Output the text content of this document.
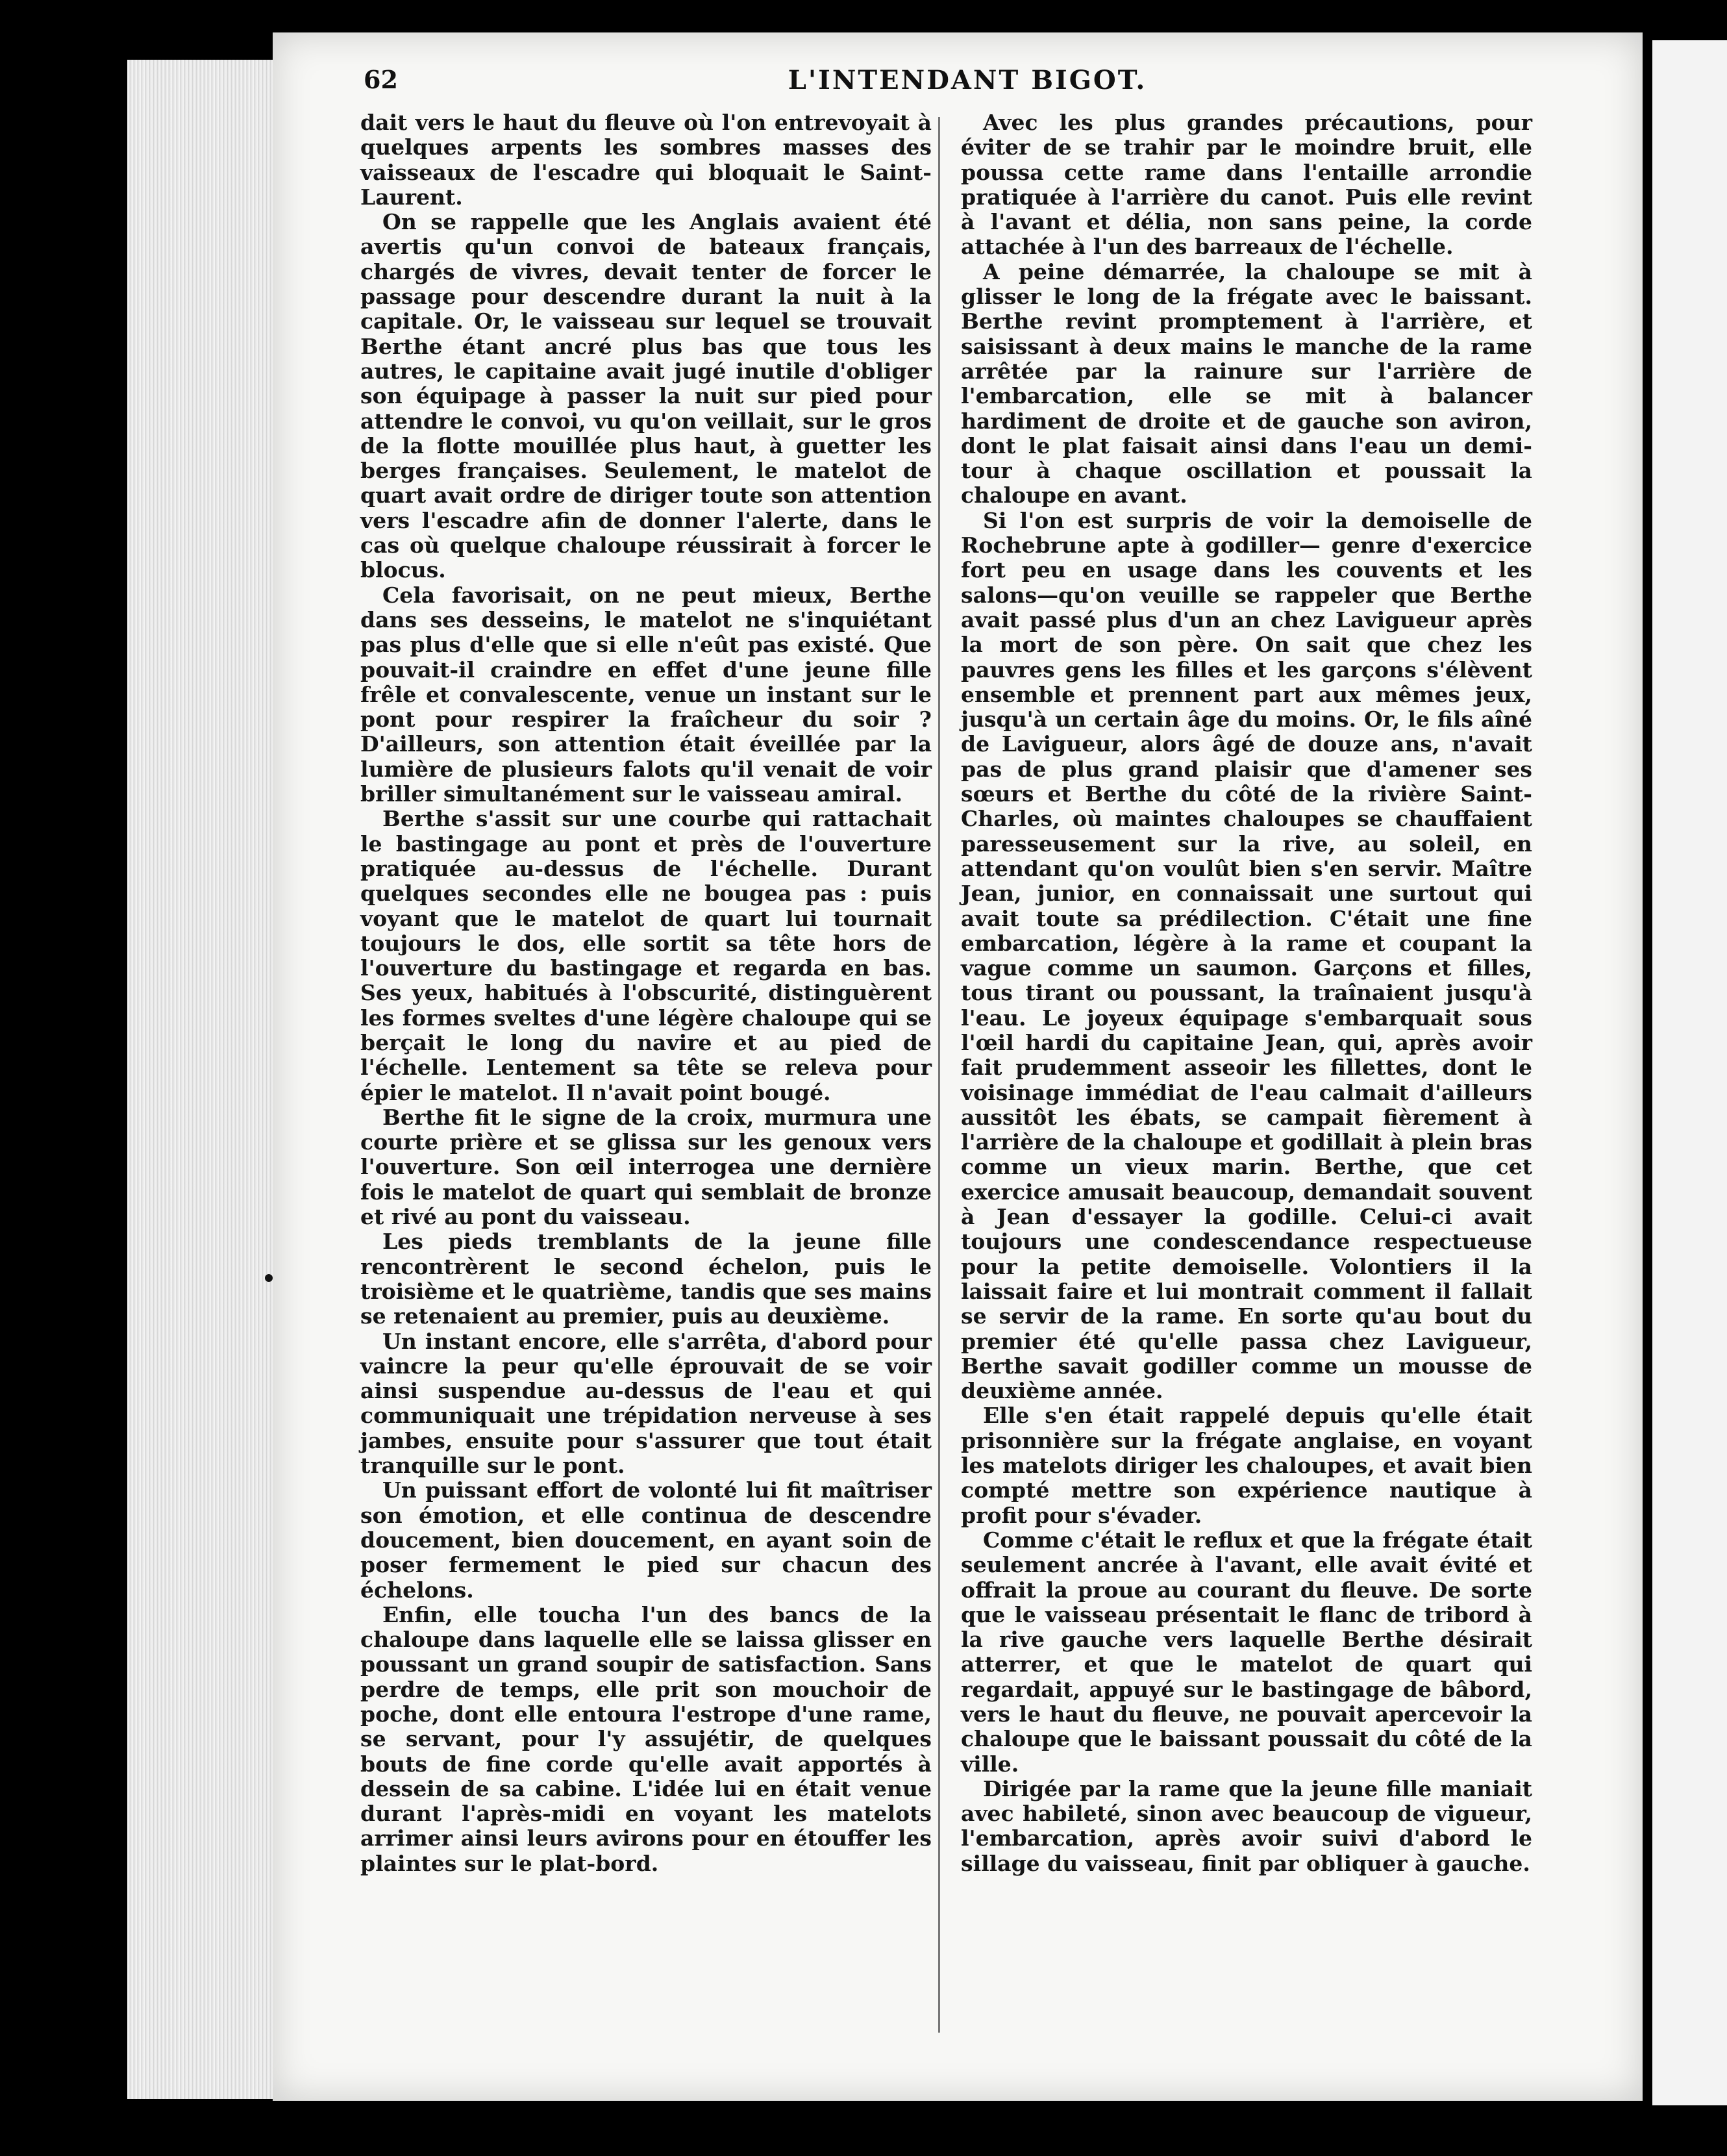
62	L'INTENDANT BIGOT.

dait vers le haut du fleuve où l'on entrevoyait à quelques arpents les sombres masses des vaisseaux de l'escadre qui bloquait le Saint-Laurent.

On se rappelle que les Anglais avaient été avertis qu'un convoi de bateaux français, chargés de vivres, devait tenter de forcer le passage pour descendre durant la nuit à la capitale. Or, le vaisseau sur lequel se trouvait Berthe étant ancré plus bas que tous les autres, le capitaine avait jugé inutile d'obliger son équipage à passer la nuit sur pied pour attendre le convoi, vu qu'on veillait, sur le gros de la flotte mouillée plus haut, à guetter les berges françaises. Seulement, le matelot de quart avait ordre de diriger toute son attention vers l'escadre afin de donner l'alerte, dans le cas où quelque chaloupe réussirait à forcer le blocus.

Cela favorisait, on ne peut mieux, Berthe dans ses desseins, le matelot ne s'inquiétant pas plus d'elle que si elle n'eût pas existé. Que pouvait-il craindre en effet d'une jeune fille frêle et convalescente, venue un instant sur le pont pour respirer la fraîcheur du soir ? D'ailleurs, son attention était éveillée par la lumière de plusieurs falots qu'il venait de voir briller simultanément sur le vaisseau amiral.

Berthe s'assit sur une courbe qui rattachait le bastingage au pont et près de l'ouverture pratiquée au-dessus de l'échelle. Durant quelques secondes elle ne bougea pas : puis voyant que le matelot de quart lui tournait toujours le dos, elle sortit sa tête hors de l'ouverture du bastingage et regarda en bas. Ses yeux, habitués à l'obscurité, distinguèrent les formes sveltes d'une légère chaloupe qui se berçait le long du navire et au pied de l'échelle. Lentement sa tête se releva pour épier le matelot. Il n'avait point bougé.

Berthe fit le signe de la croix, murmura une courte prière et se glissa sur les genoux vers l'ouverture. Son œil interrogea une dernière fois le matelot de quart qui semblait de bronze et rivé au pont du vaisseau.

Les pieds tremblants de la jeune fille rencontrèrent le second échelon, puis le troisième et le quatrième, tandis que ses mains se retenaient au premier, puis au deuxième.

Un instant encore, elle s'arrêta, d'abord pour vaincre la peur qu'elle éprouvait de se voir ainsi suspendue au-dessus de l'eau et qui communiquait une trépidation nerveuse à ses jambes, ensuite pour s'assurer que tout était tranquille sur le pont.

Un puissant effort de volonté lui fit maîtriser son émotion, et elle continua de descendre doucement, bien doucement, en ayant soin de poser fermement le pied sur chacun des échelons.

Enfin, elle toucha l'un des bancs de la chaloupe dans laquelle elle se laissa glisser en poussant un grand soupir de satisfaction. Sans perdre de temps, elle prit son mouchoir de poche, dont elle entoura l'estrope d'une rame, se servant, pour l'y assujétir, de quelques bouts de fine corde qu'elle avait apportés à dessein de sa cabine. L'idée lui en était venue durant l'après-midi en voyant les matelots arrimer ainsi leurs avirons pour en étouffer les plaintes sur le plat-bord.

Avec les plus grandes précautions, pour éviter de se trahir par le moindre bruit, elle poussa cette rame dans l'entaille arrondie pratiquée à l'arrière du canot. Puis elle revint à l'avant et délia, non sans peine, la corde attachée à l'un des barreaux de l'échelle.

A peine démarrée, la chaloupe se mit à glisser le long de la frégate avec le baissant. Berthe revint promptement à l'arrière, et saisissant à deux mains le manche de la rame arrêtée par la rainure sur l'arrière de l'embarcation, elle se mit à balancer hardiment de droite et de gauche son aviron, dont le plat faisait ainsi dans l'eau un demi-tour à chaque oscillation et poussait la chaloupe en avant.

Si l'on est surpris de voir la demoiselle de Rochebrune apte à godiller— genre d'exercice fort peu en usage dans les couvents et les salons—qu'on veuille se rappeler que Berthe avait passé plus d'un an chez Lavigueur après la mort de son père. On sait que chez les pauvres gens les filles et les garçons s'élèvent ensemble et prennent part aux mêmes jeux, jusqu'à un certain âge du moins. Or, le fils aîné de Lavigueur, alors âgé de douze ans, n'avait pas de plus grand plaisir que d'amener ses sœurs et Berthe du côté de la rivière Saint-Charles, où maintes chaloupes se chauffaient paresseusement sur la rive, au soleil, en attendant qu'on voulût bien s'en servir. Maître Jean, junior, en connaissait une surtout qui avait toute sa prédilection. C'était une fine embarcation, légère à la rame et coupant la vague comme un saumon. Garçons et filles, tous tirant ou poussant, la traînaient jusqu'à l'eau. Le joyeux équipage s'embarquait sous l'œil hardi du capitaine Jean, qui, après avoir fait prudemment asseoir les fillettes, dont le voisinage immédiat de l'eau calmait d'ailleurs aussitôt les ébats, se campait fièrement à l'arrière de la chaloupe et godillait à plein bras comme un vieux marin. Berthe, que cet exercice amusait beaucoup, demandait souvent à Jean d'essayer la godille. Celui-ci avait toujours une condescendance respectueuse pour la petite demoiselle. Volontiers il la laissait faire et lui montrait comment il fallait se servir de la rame. En sorte qu'au bout du premier été qu'elle passa chez Lavigueur, Berthe savait godiller comme un mousse de deuxième année.

Elle s'en était rappelé depuis qu'elle était prisonnière sur la frégate anglaise, en voyant les matelots diriger les chaloupes, et avait bien compté mettre son expérience nautique à profit pour s'évader.

Comme c'était le reflux et que la frégate était seulement ancrée à l'avant, elle avait évité et offrait la proue au courant du fleuve. De sorte que le vaisseau présentait le flanc de tribord à la rive gauche vers laquelle Berthe désirait atterrer, et que le matelot de quart qui regardait, appuyé sur le bastingage de bâbord, vers le haut du fleuve, ne pouvait apercevoir la chaloupe que le baissant poussait du côté de la ville.

Dirigée par la rame que la jeune fille maniait avec habileté, sinon avec beaucoup de vigueur, l'embarcation, après avoir suivi d'abord le sillage du vaisseau, finit par obliquer à gauche.
